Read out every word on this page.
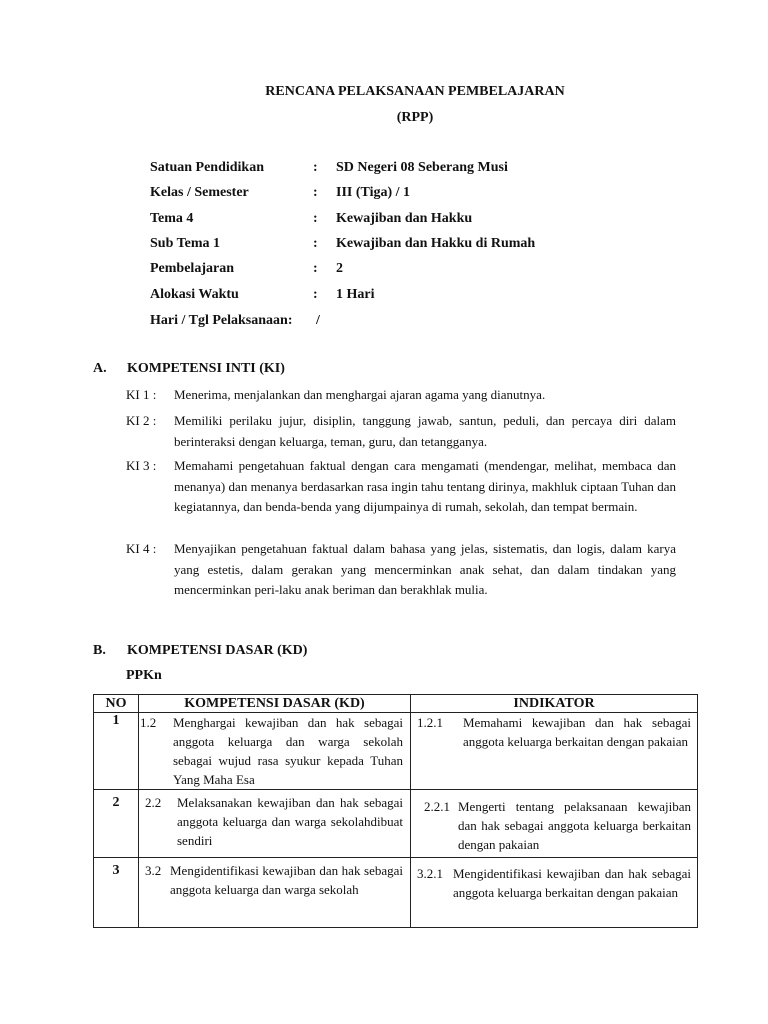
RENCANA PELAKSANAAN PEMBELAJARAN
(RPP)
Satuan Pendidikan	: SD Negeri 08 Seberang Musi
Kelas / Semester	: III (Tiga) / 1
Tema 4	: Kewajiban dan Hakku
Sub Tema 1	: Kewajiban dan Hakku di Rumah
Pembelajaran	: 2
Alokasi Waktu	: 1 Hari
Hari / Tgl Pelaksanaan: /
A. KOMPETENSI INTI (KI)
KI 1 : Menerima, menjalankan dan menghargai ajaran agama yang dianutnya.
KI 2 : Memiliki perilaku jujur, disiplin, tanggung jawab, santun, peduli, dan percaya diri dalam berinteraksi dengan keluarga, teman, guru, dan tetangganya.
KI 3 : Memahami pengetahuan faktual dengan cara mengamati (mendengar, melihat, membaca dan menanya) dan menanya berdasarkan rasa ingin tahu tentang dirinya, makhluk ciptaan Tuhan dan kegiatannya, dan benda-benda yang dijumpainya di rumah, sekolah, dan tempat bermain.
KI 4 : Menyajikan pengetahuan faktual dalam bahasa yang jelas, sistematis, dan logis, dalam karya yang estetis, dalam gerakan yang mencerminkan anak sehat, dan dalam tindakan yang mencerminkan peri-laku anak beriman dan berakhlak mulia.
B. KOMPETENSI DASAR (KD)
PPKn
NO	KOMPETENSI DASAR (KD)	INDIKATOR
1	1.2 Menghargai kewajiban dan hak sebagai anggota keluarga dan warga sekolah sebagai wujud rasa syukur kepada Tuhan Yang Maha Esa	1.2.1 Memahami kewajiban dan hak sebagai anggota keluarga berkaitan dengan pakaian

2	2.2 Melaksanakan kewajiban dan hak sebagai anggota keluarga dan warga sekolahdibuat sendiri	2.2.1 Mengerti tentang pelaksanaan kewajiban dan hak sebagai anggota keluarga berkaitan dengan pakaian

3	3.2 Mengidentifikasi kewajiban dan hak sebagai anggota keluarga dan warga sekolah	3.2.1 Mengidentifikasi kewajiban dan hak sebagai anggota keluarga berkaitan dengan pakaian
